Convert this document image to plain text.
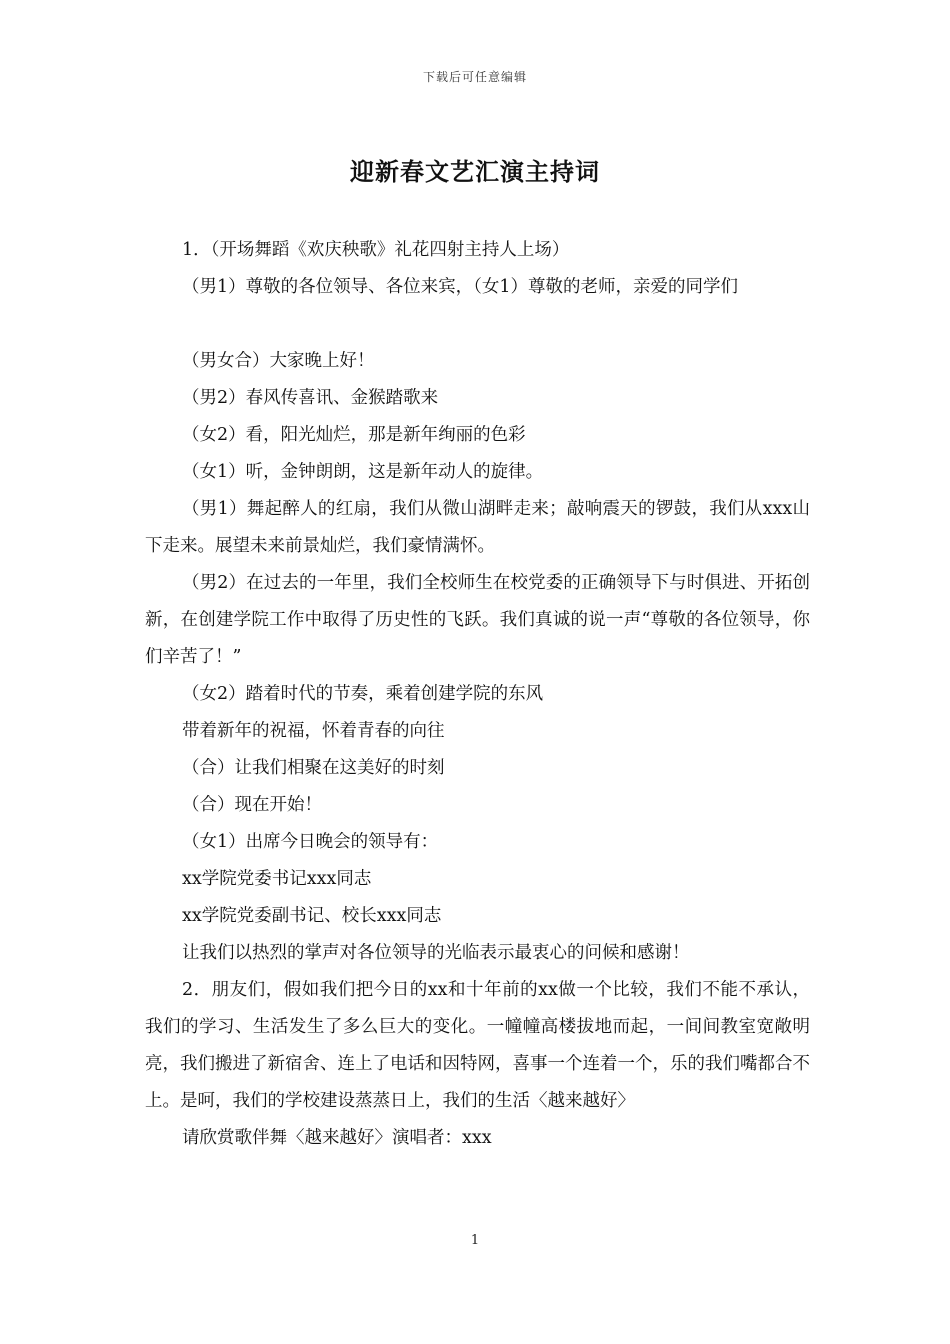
下载后可任意编辑
迎新春文艺汇演主持词

1．（开场舞蹈《欢庆秧歌》礼花四射主持人上场）

（男1）尊敬的各位领导、各位来宾，（女1）尊敬的老师，亲爱的同学们

（男女合）大家晚上好！

（男2）春风传喜讯、金猴踏歌来

（女2）看，阳光灿烂，那是新年绚丽的色彩

（女1）听，金钟朗朗，这是新年动人的旋律。

（男1）舞起醉人的红扇，我们从微山湖畔走来；敲响震天的锣鼓，我们从xxx山下走来。展望未来前景灿烂，我们豪情满怀。

（男2）在过去的一年里，我们全校师生在校党委的正确领导下与时俱进、开拓创新，在创建学院工作中取得了历史性的飞跃。我们真诚的说一声“尊敬的各位领导，你们辛苦了！”

（女2）踏着时代的节奏，乘着创建学院的东风

带着新年的祝福，怀着青春的向往

（合）让我们相聚在这美好的时刻

（合）现在开始！

（女1）出席今日晚会的领导有：

xx学院党委书记xxx同志

xx学院党委副书记、校长xxx同志

让我们以热烈的掌声对各位领导的光临表示最衷心的问候和感谢！

2．朋友们，假如我们把今日的xx和十年前的xx做一个比较，我们不能不承认，我们的学习、生活发生了多么巨大的变化。一幢幢高楼拔地而起，一间间教室宽敞明亮，我们搬进了新宿舍、连上了电话和因特网，喜事一个连着一个，乐的我们嘴都合不上。是呵，我们的学校建设蒸蒸日上，我们的生活〈越来越好〉

请欣赏歌伴舞〈越来越好〉演唱者：xxx

1
